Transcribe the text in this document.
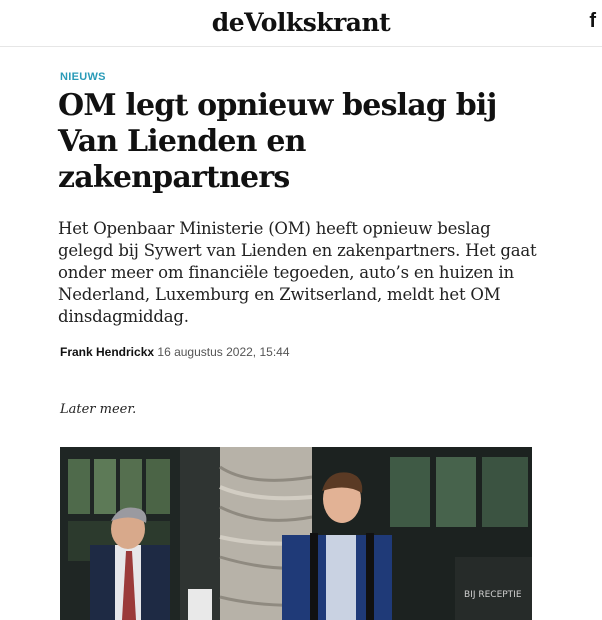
deVolkskrant	f
NIEUWS
OM legt opnieuw beslag bij Van Lienden en zakenpartners

Het Openbaar Ministerie (OM) heeft opnieuw beslag gelegd bij Sywert van Lienden en zakenpartners. Het gaat onder meer om financiële tegoeden, auto’s en huizen in Nederland, Luxemburg en Zwitserland, meldt het OM dinsdagmiddag.

Frank Hendrickx 16 augustus 2022, 15:44
Later meer.
BIJ RECEPTIE
